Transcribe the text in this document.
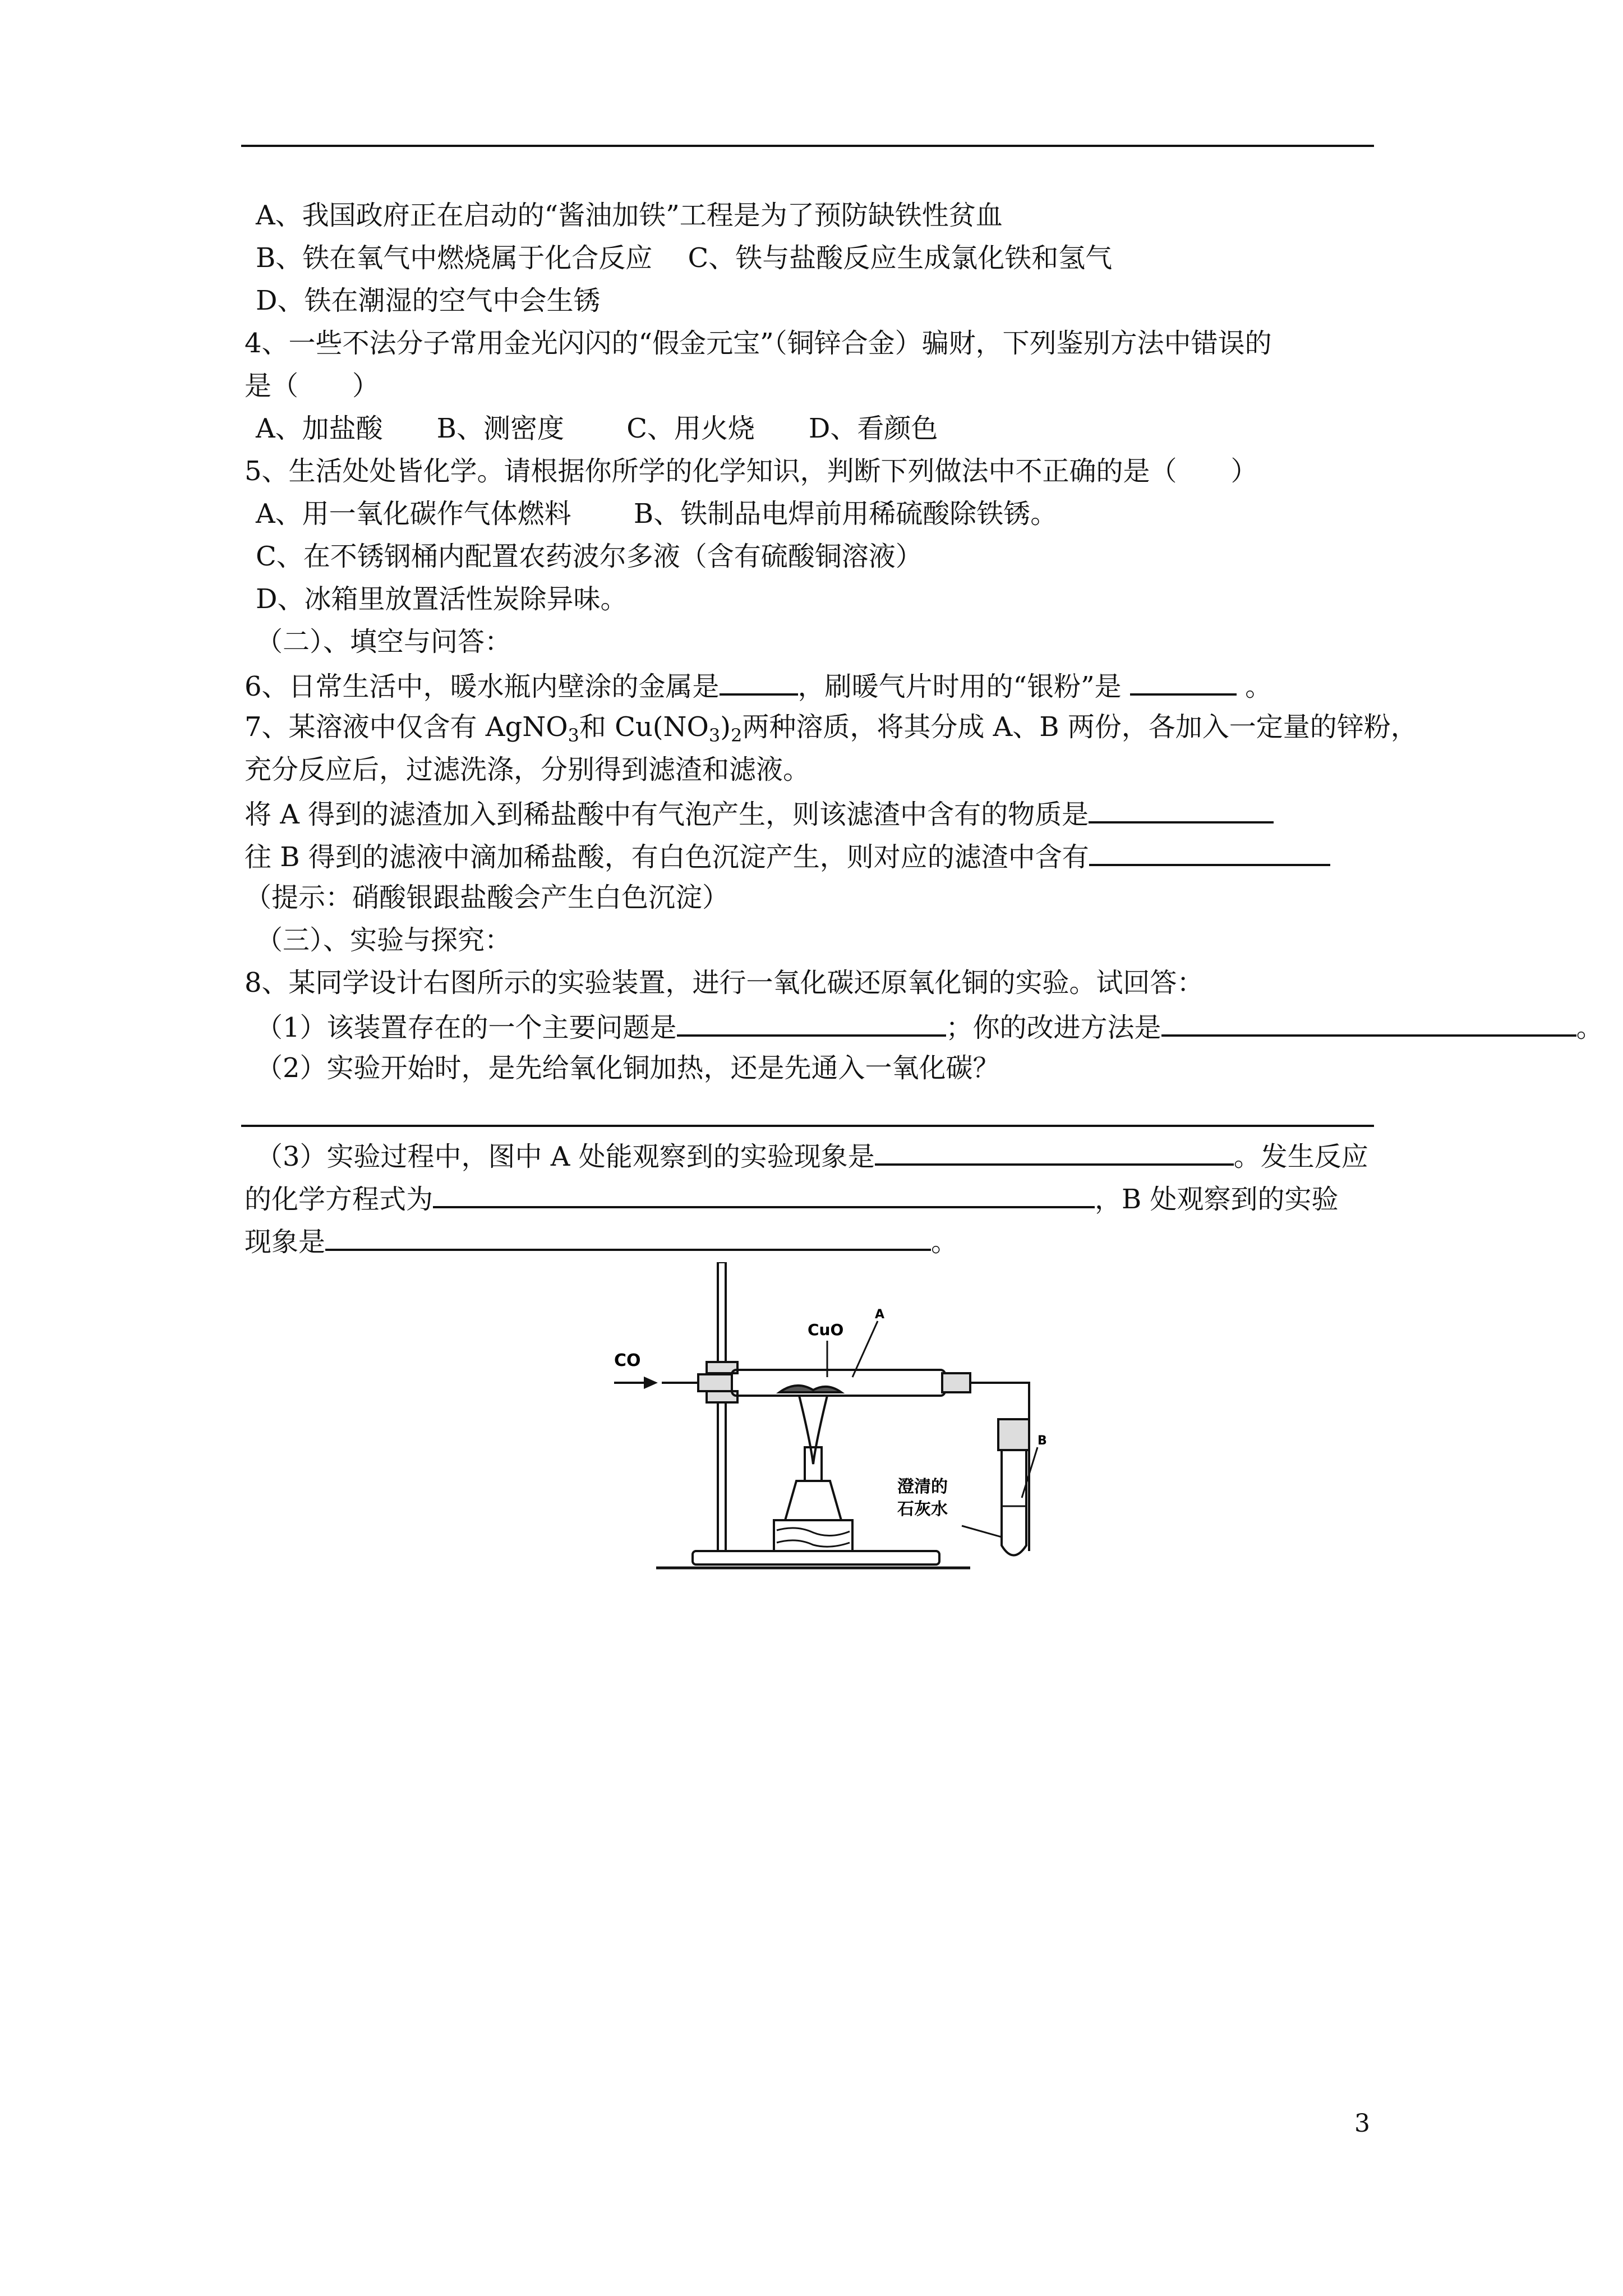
A、我国政府正在启动的“酱油加铁”工程是为了预防缺铁性贫血
B、铁在氧气中燃烧属于化合反应　 C、铁与盐酸反应生成氯化铁和氢气
D、铁在潮湿的空气中会生锈
4、一些不法分子常用金光闪闪的“假金元宝”（铜锌合金）骗财，下列鉴别方法中错误的
是（　　）
A、加盐酸　　B、测密度　　 C、用火烧　　D、看颜色
5、生活处处皆化学。请根据你所学的化学知识，判断下列做法中不正确的是（　　）
A、用一氧化碳作气体燃料　　 B、铁制品电焊前用稀硫酸除铁锈。
C、在不锈钢桶内配置农药波尔多液（含有硫酸铜溶液）
D、冰箱里放置活性炭除异味。
（二）、填空与问答：
6、日常生活中，暖水瓶内壁涂的金属是	，刷暖气片时用的“银粉”是	。
7、某溶液中仅含有 AgNO$_3$和 $Cu(NO_3)_2$两种溶质，将其分成 A、B 两份，各加入一定量的锌粉，
充分反应后，过滤洗涤，分别得到滤渣和滤液。
将 A 得到的滤渣加入到稀盐酸中有气泡产生，则该滤渣中含有的物质是
往 B 得到的滤液中滴加稀盐酸，有白色沉淀产生，则对应的滤渣中含有
（提示：硝酸银跟盐酸会产生白色沉淀）
（三）、实验与探究：
8、某同学设计右图所示的实验装置，进行一氧化碳还原氧化铜的实验。试回答：
（1）该装置存在的一个主要问题是	；你的改进方法是	。
（2）实验开始时，是先给氧化铜加热，还是先通入一氧化碳？
（3）实验过程中，图中 A 处能观察到的实验现象是	。发生反应
的化学方程式为	，B 处观察到的实验
现象是	。
CO
CuO
A
B
澄清的
石灰水
3
